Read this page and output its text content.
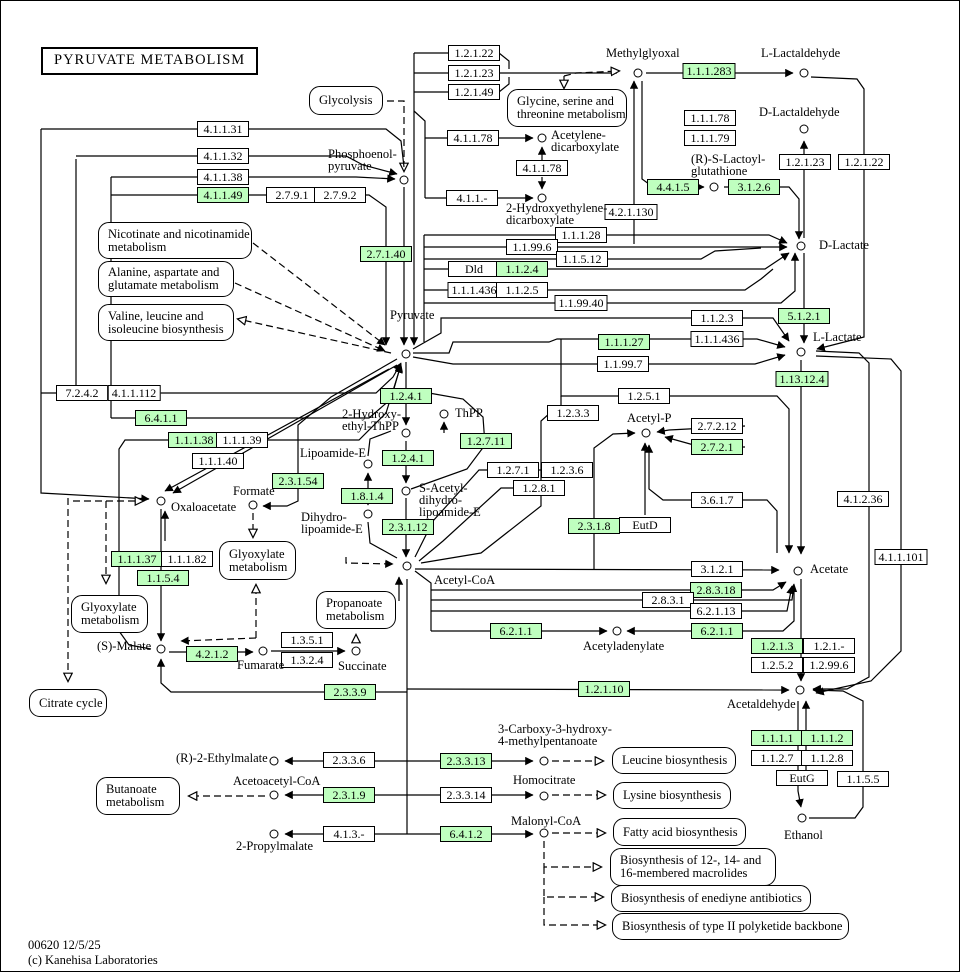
PYRUVATE METABOLISM
Glycolysis	Glycine, serine and
threonine metabolism
Nicotinate and nicotinamide
metabolism
Alanine, aspartate and
glutamate metabolism
Valine, leucine and
isoleucine biosynthesis
Glyoxylate
metabolism
Glyoxylate
metabolism
Propanoate
metabolism
Citrate cycle
Butanoate
metabolism
Leucine biosynthesis
Lysine biosynthesis
Fatty acid biosynthesis
Biosynthesis of 12-, 14- and
16-membered macrolides
Biosynthesis of enediyne antibiotics
Biosynthesis of type II polyketide backbone
1.2.1.22
1.2.1.23
1.2.1.49
4.1.1.31
4.1.1.32
4.1.1.38
4.1.1.49	2.7.9.1	2.7.9.2
4.1.1.78
4.1.1.78
4.1.1.-
4.2.1.130
1.1.1.283
1.1.1.78
1.1.1.79
1.2.1.23	1.2.1.22
4.4.1.5	3.1.2.6
2.7.1.40
1.1.1.28
1.1.99.6
1.1.5.12
Dld	1.1.2.4
1.1.1.436 1.1.2.5
1.1.99.40
1.1.2.3
1.1.1.436
5.1.2.1
1.1.1.27
1.1.99.7
1.13.12.4
7.2.4.2	4.1.1.112
6.4.1.1
1.1.1.38 1.1.1.39
1.1.1.40
1.2.4.1
1.2.7.11
1.2.3.3
1.2.4.1
2.3.1.54
1.8.1.4
1.2.7.1	1.2.3.6
1.2.8.1
2.3.1.12	2.3.1.8	EutD
1.2.5.1
2.7.2.12
2.7.2.1
3.6.1.7	4.1.2.36
4.1.1.101
3.1.2.1
2.8.3.18
2.8.3.1
6.2.1.13
6.2.1.1
6.2.1.1
1.2.1.3	1.2.1.-
1.2.5.2	1.2.99.6
1.2.1.10
1.1.1.37 1.1.1.82
1.1.5.4
4.2.1.2
1.3.5.1
1.3.2.4
2.3.3.9
2.3.3.6	2.3.3.13
2.3.1.9	2.3.3.14
4.1.3.-	6.4.1.2
1.1.1.1	1.1.1.2
1.1.2.7	1.1.2.8
EutG	1.1.5.5
Methylglyoxal	L-Lactaldehyde
D-Lactaldehyde
(R)-S-Lactoyl-
glutathione
Phosphoenol-
pyruvate
Acetylene-
dicarboxylate
2-Hydroxyethylene-
dicarboxylate
Pyruvate
D-Lactate
L-Lactate
ThPP
2-Hydroxy-
ethyl-ThPP
Lipoamide-E
S-Acetyl-
dihydro-
lipoamide-E
Dihydro-
lipoamide-E
Formate
Oxaloacetate
(S)-Malate
Fumarate	Succinate
Acetyl-P
Acetyl-CoA
Acetate
Acetyladenylate
Acetaldehyde
Ethanol
(R)-2-Ethylmalate
Acetoacetyl-CoA
2-Propylmalate
3-Carboxy-3-hydroxy-
4-methylpentanoate
Homocitrate
Malonyl-CoA
00620 12/5/25
(c) Kanehisa Laboratories
